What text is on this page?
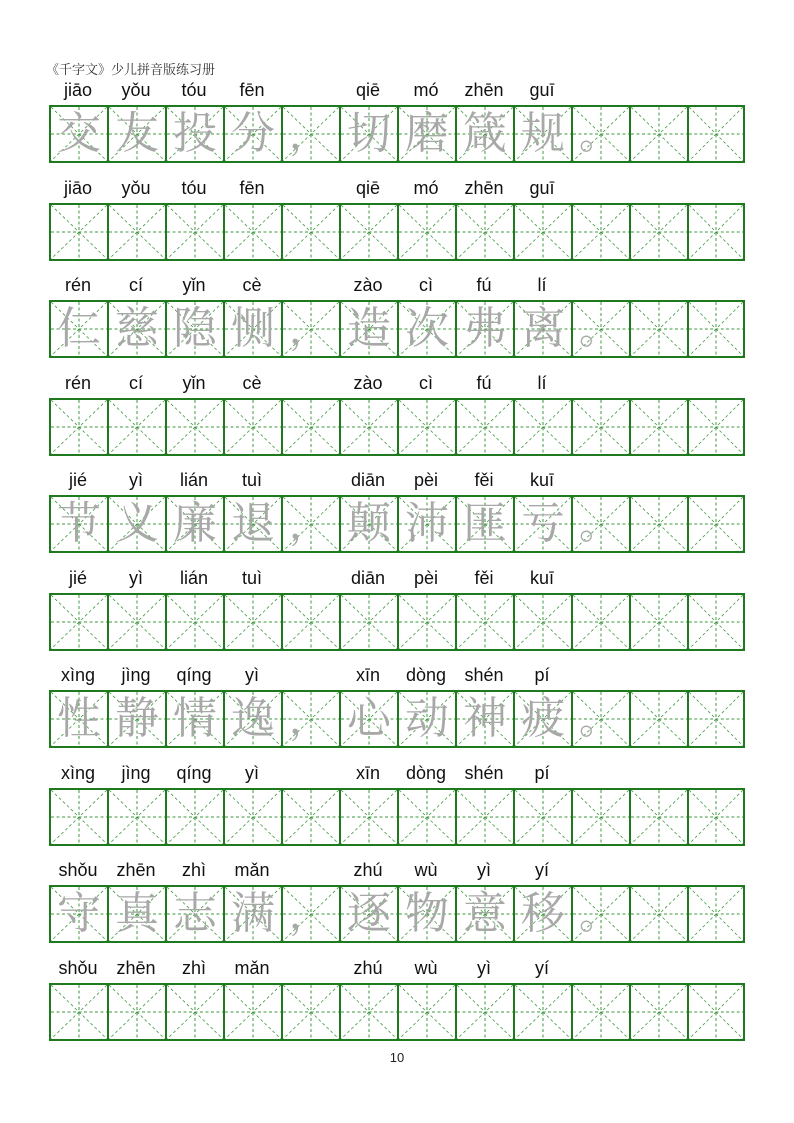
《千字文》少儿拼音版练习册
jiāo	yǒu	tóu	fēn	qiē	mó	zhēn	guī
交 友 投 分 ， 切 磨 箴 规 。
jiāo	yǒu	tóu	fēn	qiē	mó	zhēn	guī
rén	cí	yǐn	cè	zào	cì	fú	lí
仁 慈 隐 恻 ， 造 次 弗 离 。
rén	cí	yǐn	cè	zào	cì	fú	lí
jié	yì	lián	tuì	diān	pèi	fěi	kuī
节 义 廉 退 ， 颠 沛 匪 亏 。
jié	yì	lián	tuì	diān	pèi	fěi	kuī
xìng	jìng	qíng	yì	xīn	dòng	shén	pí
性 静 情 逸 ， 心 动 神 疲 。
xìng	jìng	qíng	yì	xīn	dòng	shén	pí
shǒu	zhēn	zhì	mǎn	zhú	wù	yì	yí
守 真 志 满 ， 逐 物 意 移 。
shǒu	zhēn	zhì	mǎn	zhú	wù	yì	yí
10
